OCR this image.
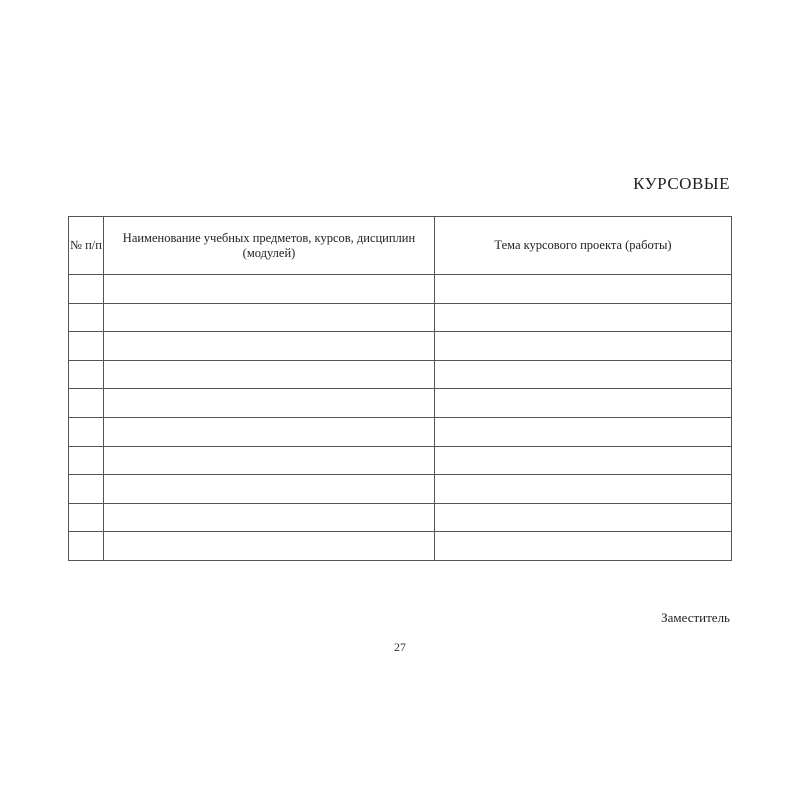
КУРСОВЫЕ
№ п/п	Наименование учебных предметов, курсов, дисциплин (модулей)	Тема курсового проекта (работы)

Заместитель
27
